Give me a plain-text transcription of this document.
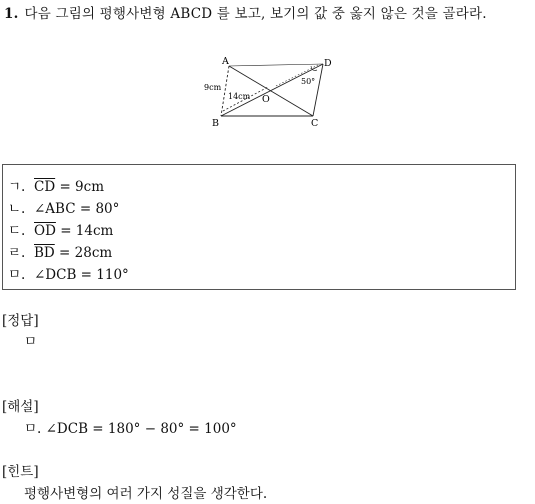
1. 다음 그림의 평행사변형 ABCD 를 보고, 보기의 값 중 옳지 않은 것을 골라라.
A
B	C
D
O
9cm
14cm
50°
ㄱ. $\overline{CD} = 9cm$
ㄴ. ∠ABC = 80°
ㄷ. $\overline{OD} = 14cm$
ㄹ. $\overline{BD} = 28cm$
ㅁ. ∠DCB = 110°
[정답]
ㅁ
[해설]
ㅁ. ∠DCB = 180° − 80° = 100°
[힌트]
평행사변형의 여러 가지 성질을 생각한다.
